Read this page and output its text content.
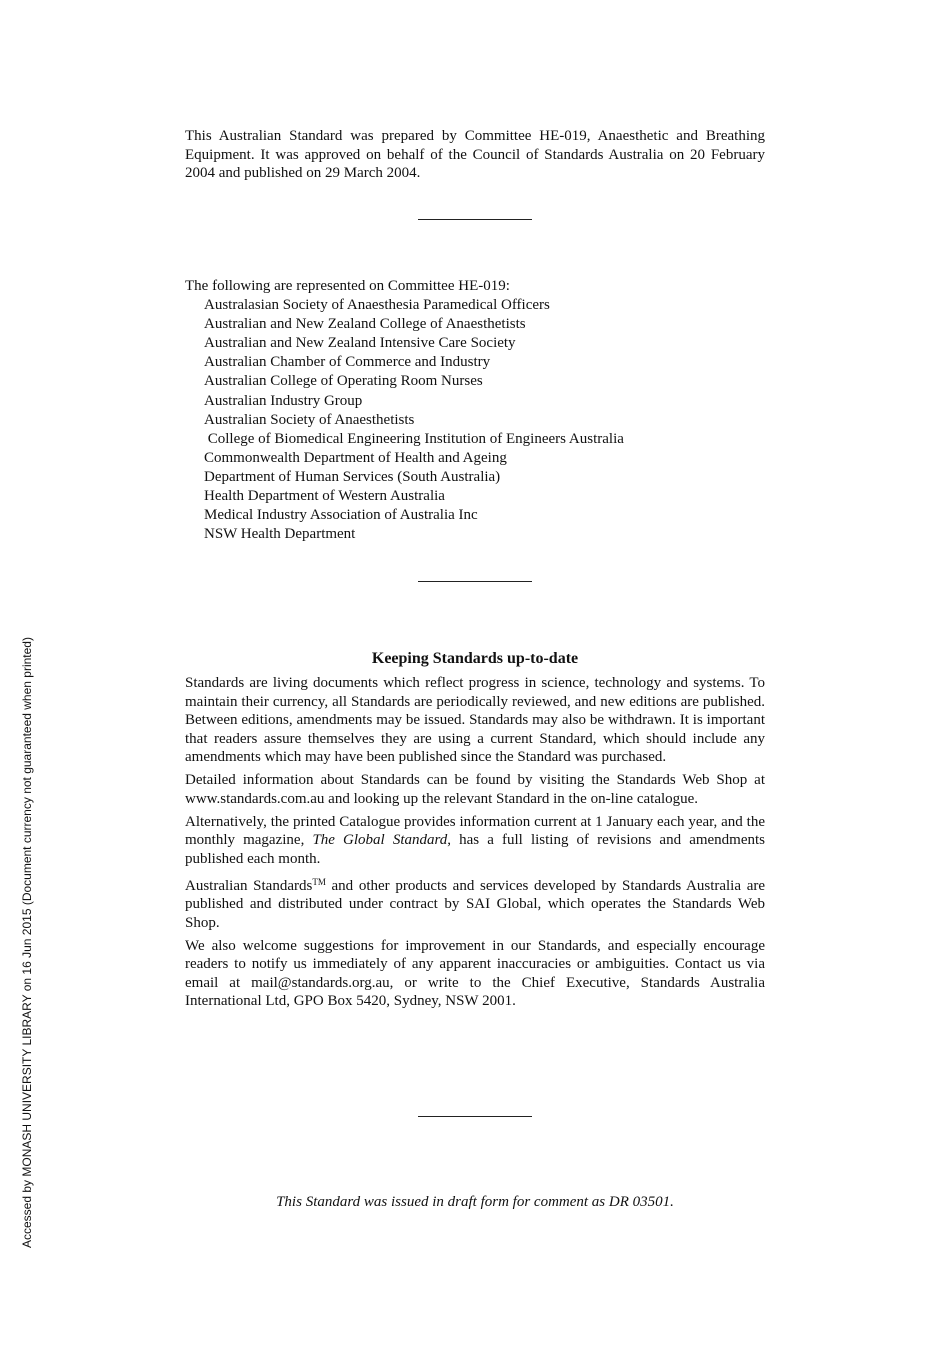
This Australian Standard was prepared by Committee HE-019, Anaesthetic and Breathing Equipment. It was approved on behalf of the Council of Standards Australia on 20 February 2004 and published on 29 March 2004.
The following are represented on Committee HE-019:
Australasian Society of Anaesthesia Paramedical Officers
Australian and New Zealand College of Anaesthetists
Australian and New Zealand Intensive Care Society
Australian Chamber of Commerce and Industry
Australian College of Operating Room Nurses
Australian Industry Group
Australian Society of Anaesthetists
College of Biomedical Engineering Institution of Engineers Australia
Commonwealth Department of Health and Ageing
Department of Human Services (South Australia)
Health Department of Western Australia
Medical Industry Association of Australia Inc
NSW Health Department
Keeping Standards up-to-date

Standards are living documents which reflect progress in science, technology and systems. To maintain their currency, all Standards are periodically reviewed, and new editions are published. Between editions, amendments may be issued. Standards may also be withdrawn. It is important that readers assure themselves they are using a current Standard, which should include any amendments which may have been published since the Standard was purchased.

Detailed information about Standards can be found by visiting the Standards Web Shop at www.standards.com.au and looking up the relevant Standard in the on-line catalogue.

Alternatively, the printed Catalogue provides information current at 1 January each year, and the monthly magazine, The Global Standard, has a full listing of revisions and amendments published each month.

Australian Standards™ and other products and services developed by Standards Australia are published and distributed under contract by SAI Global, which operates the Standards Web Shop.

We also welcome suggestions for improvement in our Standards, and especially encourage readers to notify us immediately of any apparent inaccuracies or ambiguities. Contact us via email at mail@standards.org.au, or write to the Chief Executive, Standards Australia International Ltd, GPO Box 5420, Sydney, NSW 2001.

This Standard was issued in draft form for comment as DR 03501.
Accessed by MONASH UNIVERSITY LIBRARY on 16 Jun 2015 (Document currency not guaranteed when printed)
